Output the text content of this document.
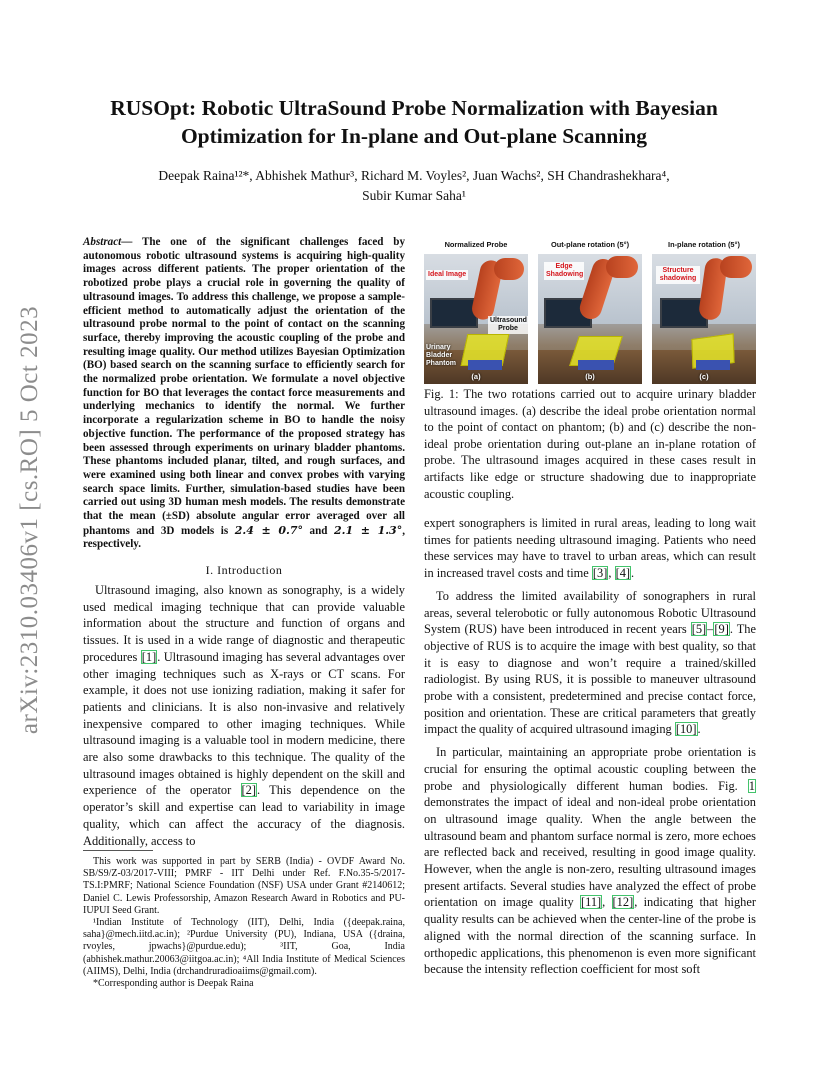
arXiv:2310.03406v1 [cs.RO] 5 Oct 2023
RUSOpt: Robotic UltraSound Probe Normalization with Bayesian
Optimization for In-plane and Out-plane Scanning
Deepak Raina¹²*, Abhishek Mathur³, Richard M. Voyles², Juan Wachs², SH Chandrashekhara⁴,
Subir Kumar Saha¹
Abstract— The one of the significant challenges faced by autonomous robotic ultrasound systems is acquiring high-quality images across different patients. The proper orientation of the robotized probe plays a crucial role in governing the quality of ultrasound images. To address this challenge, we propose a sample-efficient method to automatically adjust the orientation of the ultrasound probe normal to the point of contact on the scanning surface, thereby improving the acoustic coupling of the probe and resulting image quality. Our method utilizes Bayesian Optimization (BO) based search on the scanning surface to efficiently search for the normalized probe orientation. We formulate a novel objective function for BO that leverages the contact force measurements and underlying mechanics to identify the normal. We further incorporate a regularization scheme in BO to handle the noisy objective function. The performance of the proposed strategy has been assessed through experiments on urinary bladder phantoms. These phantoms included planar, tilted, and rough surfaces, and were examined using both linear and convex probes with varying search space limits. Further, simulation-based studies have been carried out using 3D human mesh models. The results demonstrate that the mean (±SD) absolute angular error averaged over all phantoms and 3D models is 2.4 ± 0.7° and 2.1 ± 1.3°, respectively.
I. Introduction

Ultrasound imaging, also known as sonography, is a widely used medical imaging technique that can provide valuable information about the structure and function of organs and tissues. It is used in a wide range of diagnostic and therapeutic procedures [1]. Ultrasound imaging has several advantages over other imaging techniques such as X-rays or CT scans. For example, it does not use ionizing radiation, making it safer for patients and clinicians. It is also non-invasive and relatively inexpensive compared to other imaging techniques. While ultrasound imaging is a valuable tool in modern medicine, there are also some drawbacks to this technique. The quality of the ultrasound images obtained is highly dependent on the skill and experience of the operator [2]. This dependence on the operator’s skill and expertise can lead to variability in image quality, which can affect the accuracy of the diagnosis. Additionally, access to

This work was supported in part by SERB (India) - OVDF Award No. SB/S9/Z-03/2017-VIII; PMRF - IIT Delhi under Ref. F.No.35-5/2017-TS.I:PMRF; National Science Foundation (NSF) USA under Grant #2140612; Daniel C. Lewis Professorship, Amazon Research Award in Robotics and PU-IUPUI Seed Grant.

¹Indian Institute of Technology (IIT), Delhi, India ({deepak.raina, saha}@mech.iitd.ac.in); ²Purdue University (PU), Indiana, USA ({draina, rvoyles, jpwachs}@purdue.edu); ³IIT, Goa, India (abhishek.mathur.20063@iitgoa.ac.in); ⁴All India Institute of Medical Sciences (AIIMS), Delhi, India (drchandruradioaiims@gmail.com).

*Corresponding author is Deepak Raina

Normalized Probe	Out-plane rotation (5°)	In-plane rotation (5°)
Ideal Image
Ultrasound Probe
Urinary Bladder Phantom
(a)
Edge Shadowing
(b)
Structure shadowing
(c)
Fig. 1: The two rotations carried out to acquire urinary bladder ultrasound images. (a) describe the ideal probe orientation normal to the point of contact on phantom; (b) and (c) describe the non-ideal probe orientation during out-plane an in-plane rotation of probe. The ultrasound images acquired in these cases result in artifacts like edge or structure shadowing due to inappropriate acoustic coupling.

expert sonographers is limited in rural areas, leading to long wait times for patients needing ultrasound imaging. Patients who need these services may have to travel to urban areas, which can result in increased travel costs and time [3], [4].

To address the limited availability of sonographers in rural areas, several telerobotic or fully autonomous Robotic Ultrasound System (RUS) have been introduced in recent years [5]–[9]. The objective of RUS is to acquire the image with best quality, so that it is easy to diagnose and won’t require a trained/skilled radiologist. By using RUS, it is possible to maneuver ultrasound probe with a consistent, predetermined and precise contact force, position and orientation. These are critical parameters that greatly impact the quality of acquired ultrasound imaging [10].

In particular, maintaining an appropriate probe orientation is crucial for ensuring the optimal acoustic coupling between the probe and physiologically different human bodies. Fig. 1 demonstrates the impact of ideal and non-ideal probe orientation on ultrasound image quality. When the angle between the ultrasound beam and phantom surface normal is zero, more echoes are reflected back and received, resulting in good image quality. However, when the angle is non-zero, resulting ultrasound images present artifacts. Several studies have analyzed the effect of probe orientation on image quality [11], [12], indicating that higher quality results can be achieved when the center-line of the probe is aligned with the normal direction of the scanning surface. In orthopedic applications, this phenomenon is even more significant because the intensity reflection coefficient for most soft
